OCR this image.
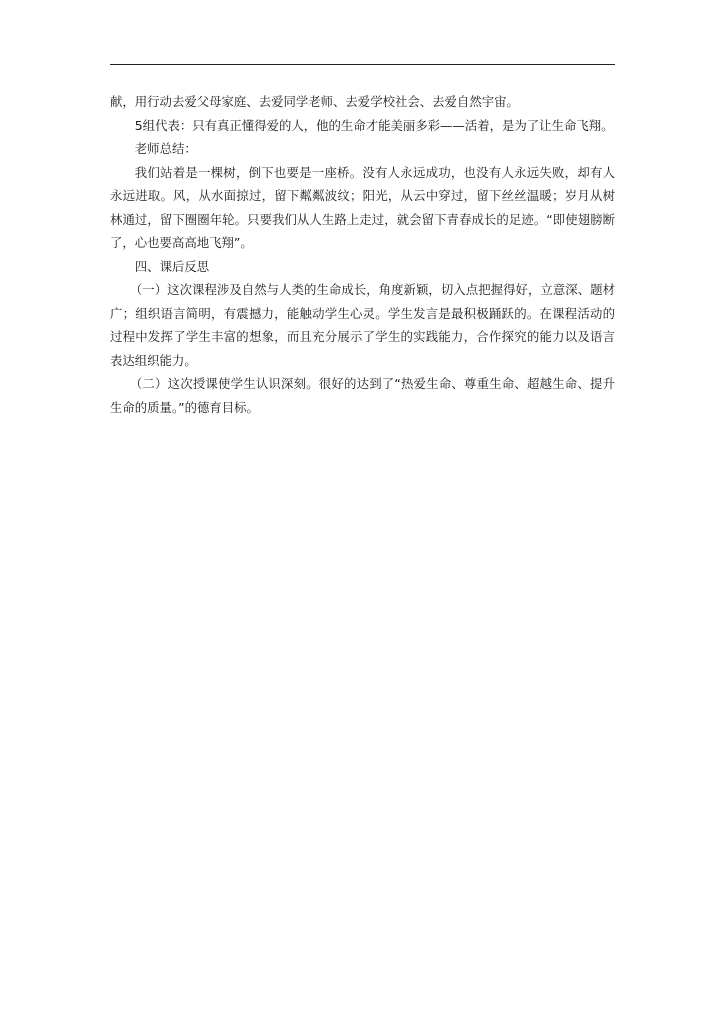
献，用行动去爱父母家庭、去爱同学老师、去爱学校社会、去爱自然宇宙。

5组代表：只有真正懂得爱的人，他的生命才能美丽多彩——活着，是为了让生命飞翔。

老师总结：

我们站着是一棵树，倒下也要是一座桥。没有人永远成功，也没有人永远失败，却有人永远进取。风，从水面掠过，留下粼粼波纹；阳光，从云中穿过，留下丝丝温暖；岁月从树林通过，留下圈圈年轮。只要我们从人生路上走过，就会留下青春成长的足迹。“即使翅膀断了，心也要高高地飞翔”。

四、课后反思

（一）这次课程涉及自然与人类的生命成长，角度新颖，切入点把握得好，立意深、题材广；组织语言简明，有震撼力，能触动学生心灵。学生发言是最积极踊跃的。在课程活动的过程中发挥了学生丰富的想象，而且充分展示了学生的实践能力，合作探究的能力以及语言表达组织能力。

（二）这次授课使学生认识深刻。很好的达到了“热爱生命、尊重生命、超越生命、提升生命的质量。”的德育目标。
